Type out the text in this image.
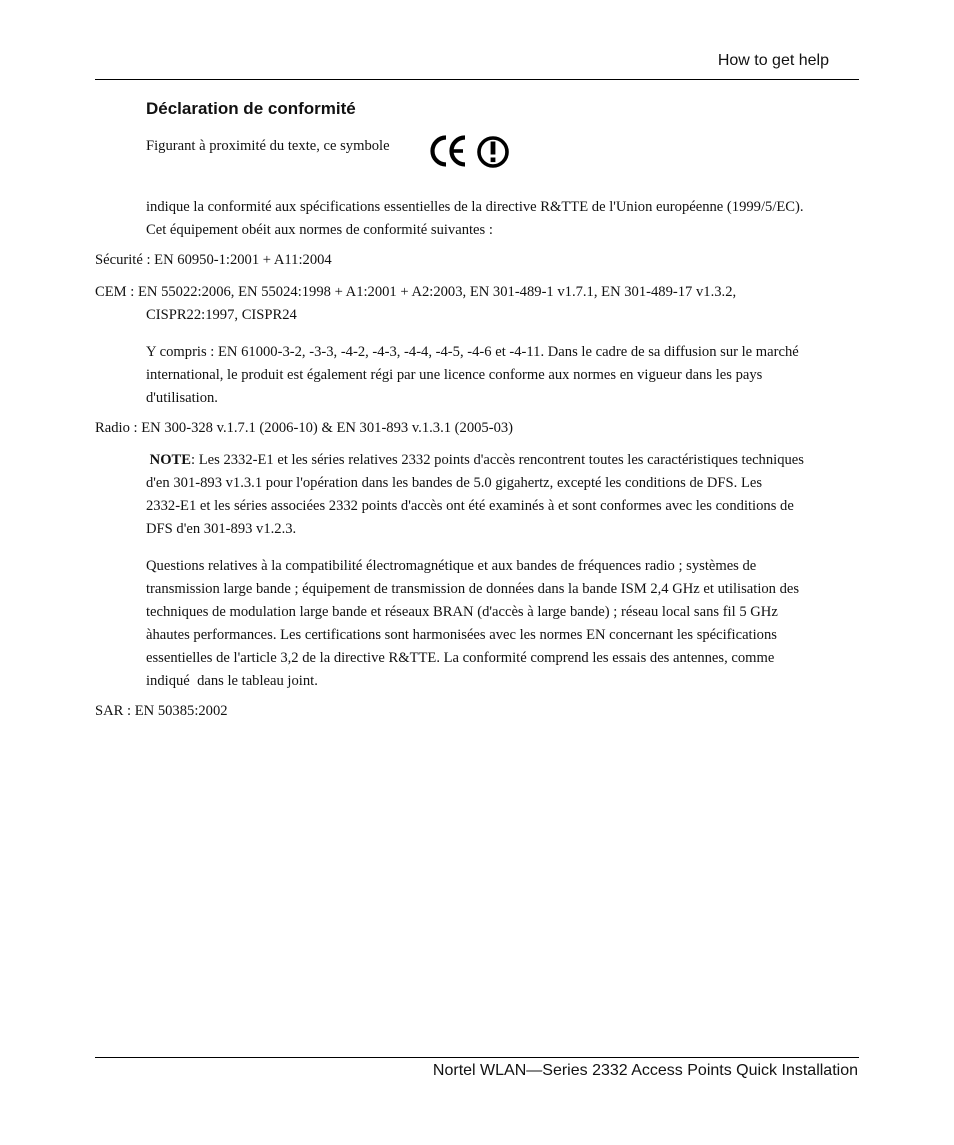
How to get help
Déclaration de conformité
Figurant à proximité du texte, ce symbole
indique la conformité aux spécifications essentielles de la directive R&TTE de l'Union européenne (1999/5/EC).
Cet équipement obéit aux normes de conformité suivantes :
Sécurité : EN 60950-1:2001 + A11:2004
CEM : EN 55022:2006, EN 55024:1998 + A1:2001 + A2:2003, EN 301-489-1 v1.7.1, EN 301-489-17 v1.3.2,
CISPR22:1997, CISPR24
Y compris : EN 61000-3-2, -3-3, -4-2, -4-3, -4-4, -4-5, -4-6 et -4-11. Dans le cadre de sa diffusion sur le marché
international, le produit est également régi par une licence conforme aux normes en vigueur dans les pays
d'utilisation.
Radio : EN 300-328 v.1.7.1 (2006-10) & EN 301-893 v.1.3.1 (2005-03)
NOTE: Les 2332-E1 et les séries relatives 2332 points d'accès rencontrent toutes les caractéristiques techniques
d'en 301-893 v1.3.1 pour l'opération dans les bandes de 5.0 gigahertz, excepté les conditions de DFS. Les
2332-E1 et les séries associées 2332 points d'accès ont été examinés à et sont conformes avec les conditions de
DFS d'en 301-893 v1.2.3.
Questions relatives à la compatibilité électromagnétique et aux bandes de fréquences radio ; systèmes de
transmission large bande ; équipement de transmission de données dans la bande ISM 2,4 GHz et utilisation des
techniques de modulation large bande et réseaux BRAN (d'accès à large bande) ; réseau local sans fil 5 GHz
àhautes performances. Les certifications sont harmonisées avec les normes EN concernant les spécifications
essentielles de l'article 3,2 de la directive R&TTE. La conformité comprend les essais des antennes, comme
indiqué  dans le tableau joint.
SAR : EN 50385:2002
Nortel WLAN—Series 2332 Access Points Quick Installation
